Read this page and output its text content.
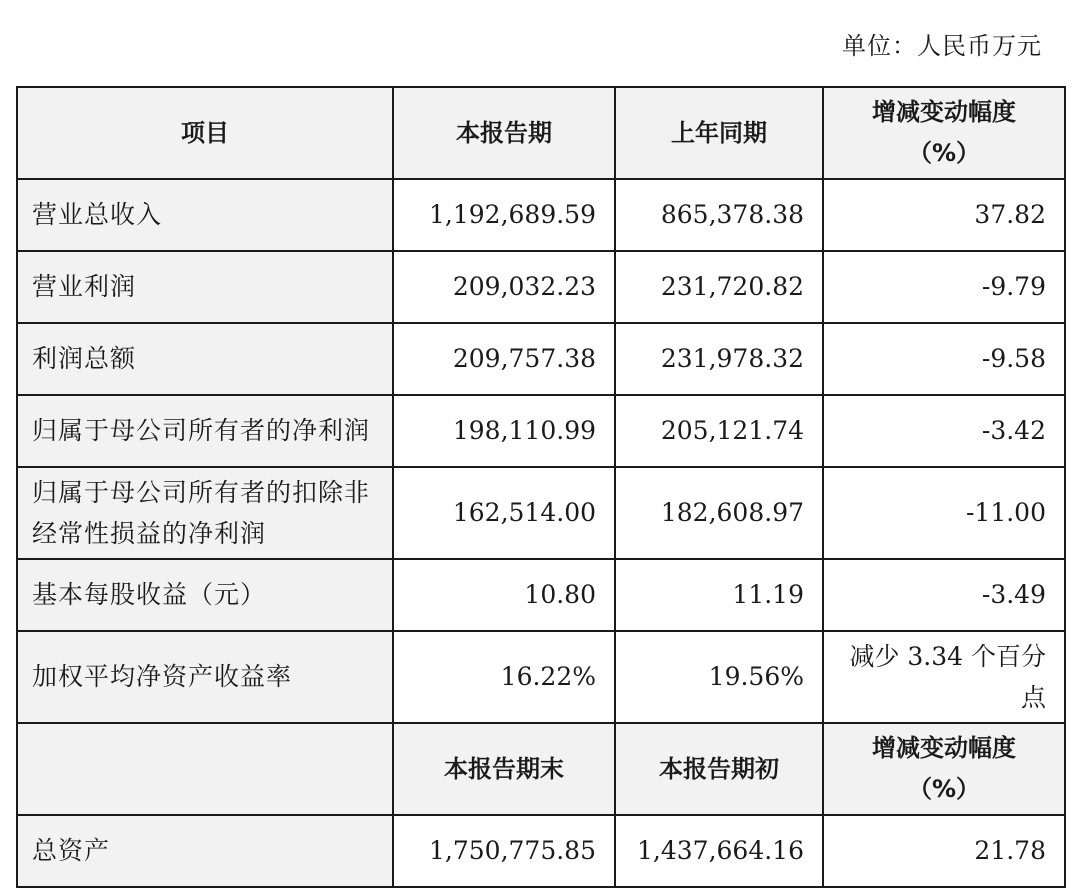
单位：人民币万元
项目	本报告期	上年同期	增减变动幅度
（%）

营业总收入	1,192,689.59	865,378.38	37.82
营业利润	209,032.23	231,720.82	-9.79
利润总额	209,757.38	231,978.32	-9.58
归属于母公司所有者的净利润	198,110.99	205,121.74	-3.42

归属于母公司所有者的扣除非
经常性损益的净利润	162,514.00	182,608.97	-11.00
基本每股收益（元）	10.80	11.19	-3.49
加权平均净资产收益率	16.22%	19.56%	减少 3.34 个百分
点

	本报告期末	本报告期初	增减变动幅度
（%）

总资产	1,750,775.85	1,437,664.16	21.78
